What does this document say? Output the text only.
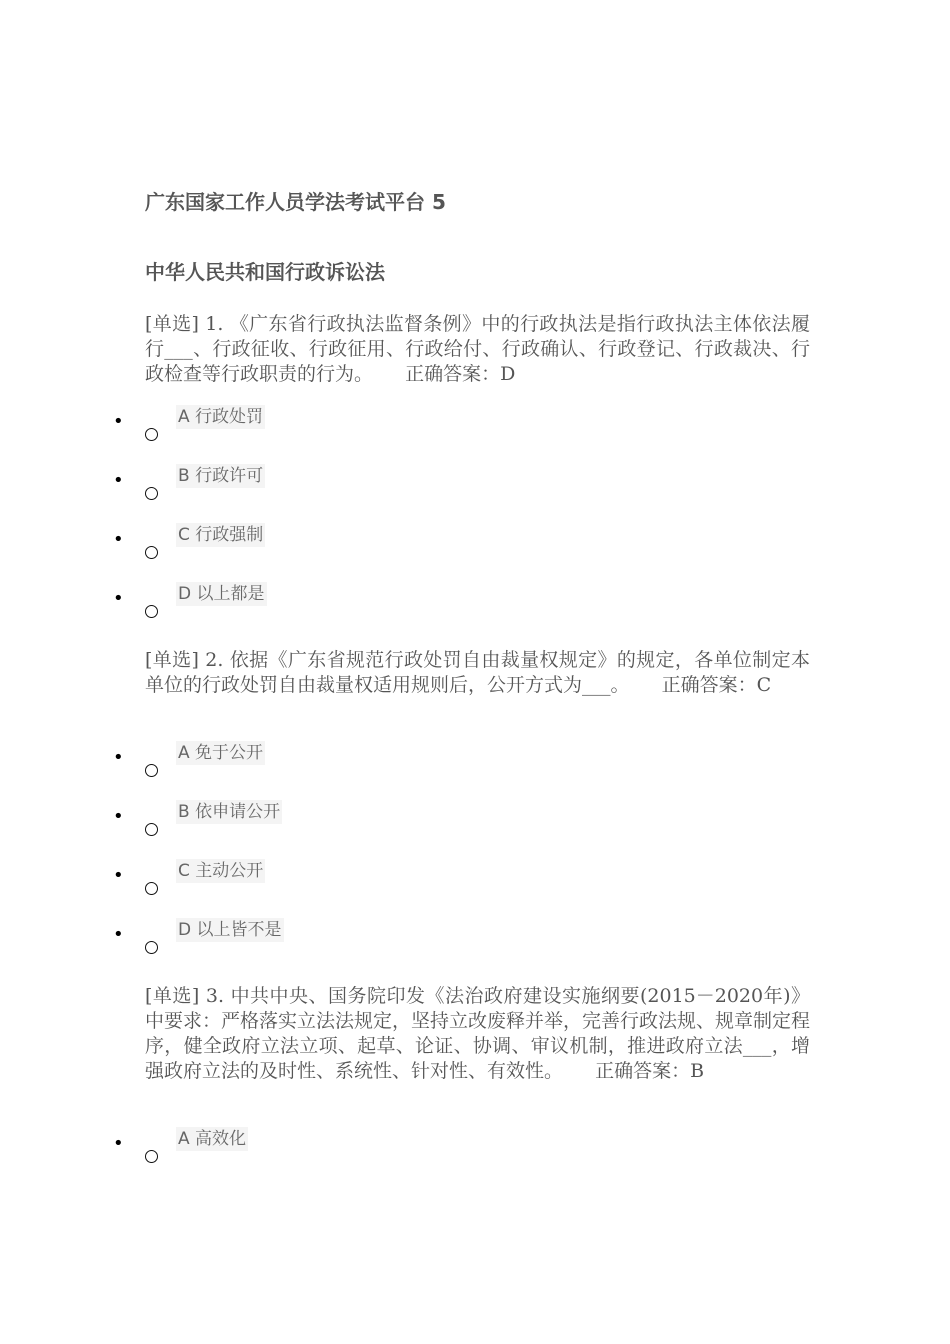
广东国家工作人员学法考试平台 5
中华人民共和国行政诉讼法

[单选] 1. 《广东省行政执法监督条例》中的行政执法是指行政执法主体依法履行___、行政征收、行政征用、行政给付、行政确认、行政登记、行政裁决、行政检查等行政职责的行为。 正确答案：D

•	A 行政处罚
•	B 行政许可
•	C 行政强制
•	D 以上都是

[单选] 2. 依据《广东省规范行政处罚自由裁量权规定》的规定，各单位制定本单位的行政处罚自由裁量权适用规则后，公开方式为___。 正确答案：C

•	A 免于公开
•	B 依申请公开
•	C 主动公开
•	D 以上皆不是

[单选] 3. 中共中央、国务院印发《法治政府建设实施纲要(2015－2020年)》中要求：严格落实立法法规定，坚持立改废释并举，完善行政法规、规章制定程序，健全政府立法立项、起草、论证、协调、审议机制，推进政府立法___，增强政府立法的及时性、系统性、针对性、有效性。 正确答案：B

•	A 高效化
